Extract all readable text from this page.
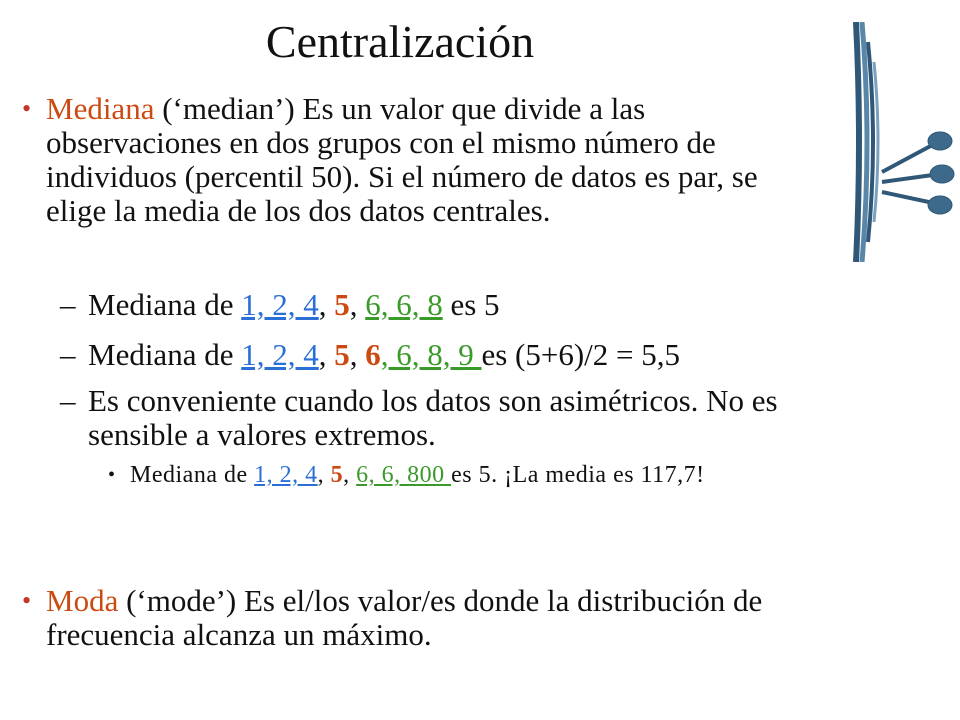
Centralización
• Mediana (‘median’) Es un valor que divide a las observaciones en dos grupos con el mismo número de individuos (percentil 50). Si el número de datos es par, se elige la media de los dos datos centrales.
– Mediana de 1, 2, 4, 5, 6, 6, 8 es 5
– Mediana de 1, 2, 4, 5, 6, 6, 8, 9 es (5+6)/2 = 5,5
– Es conveniente cuando los datos son asimétricos. No es sensible a valores extremos.
• Mediana de 1, 2, 4, 5, 6, 6, 800 es 5. ¡La media es 117,7!
• Moda (‘mode’) Es el/los valor/es donde la distribución de frecuencia alcanza un máximo.
